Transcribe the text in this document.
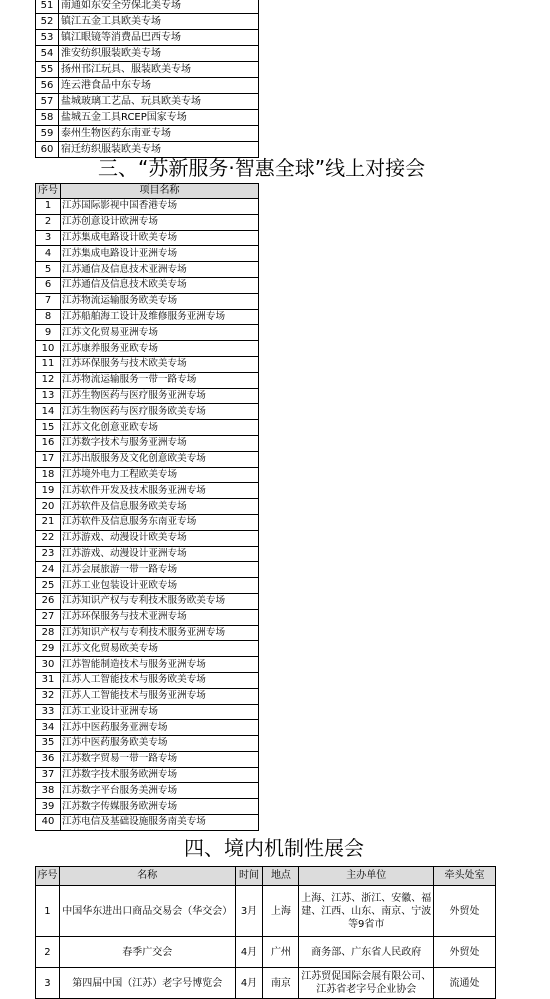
51	南通如东安全劳保北美专场
52	镇江五金工具欧美专场
53	镇江眼镜等消费品巴西专场
54	淮安纺织服装欧美专场
55	扬州邗江玩具、服装欧美专场
56	连云港食品中东专场
57	盐城玻璃工艺品、玩具欧美专场
58	盐城五金工具RCEP国家专场
59	泰州生物医药东南亚专场
60	宿迁纺织服装欧美专场
三、“苏新服务·智惠全球”线上对接会
序号	项目名称
1	江苏国际影视中国香港专场
2	江苏创意设计欧洲专场
3	江苏集成电路设计欧美专场
4	江苏集成电路设计亚洲专场
5	江苏通信及信息技术亚洲专场
6	江苏通信及信息技术欧美专场
7	江苏物流运输服务欧美专场
8	江苏船舶海工设计及维修服务亚洲专场
9	江苏文化贸易亚洲专场
10	江苏康养服务亚欧专场
11	江苏环保服务与技术欧美专场
12	江苏物流运输服务一带一路专场
13	江苏生物医药与医疗服务亚洲专场
14	江苏生物医药与医疗服务欧美专场
15	江苏文化创意亚欧专场
16	江苏数字技术与服务亚洲专场
17	江苏出版服务及文化创意欧美专场
18	江苏境外电力工程欧美专场
19	江苏软件开发及技术服务亚洲专场
20	江苏软件及信息服务欧美专场
21	江苏软件及信息服务东南亚专场
22	江苏游戏、动漫设计欧美专场
23	江苏游戏、动漫设计亚洲专场
24	江苏会展旅游一带一路专场
25	江苏工业包装设计亚欧专场
26	江苏知识产权与专利技术服务欧美专场
27	江苏环保服务与技术亚洲专场
28	江苏知识产权与专利技术服务亚洲专场
29	江苏文化贸易欧美专场
30	江苏智能制造技术与服务亚洲专场
31	江苏人工智能技术与服务欧美专场
32	江苏人工智能技术与服务亚洲专场
33	江苏工业设计亚洲专场
34	江苏中医药服务亚洲专场
35	江苏中医药服务欧美专场
36	江苏数字贸易一带一路专场
37	江苏数字技术服务欧洲专场
38	江苏数字平台服务美洲专场
39	江苏数字传媒服务欧洲专场
40	江苏电信及基础设施服务南美专场
四、境内机制性展会
序号	名称	时间	地点	主办单位	牵头处室
1	中国华东进出口商品交易会（华交会）	3月	上海	上海、江苏、浙江、安徽、福建、江西、山东、南京、宁波等9省市	外贸处
2	春季广交会	4月	广州	商务部、广东省人民政府	外贸处
3	第四届中国（江苏）老字号博览会	4月	南京	江苏贸促国际会展有限公司、江苏省老字号企业协会	流通处
